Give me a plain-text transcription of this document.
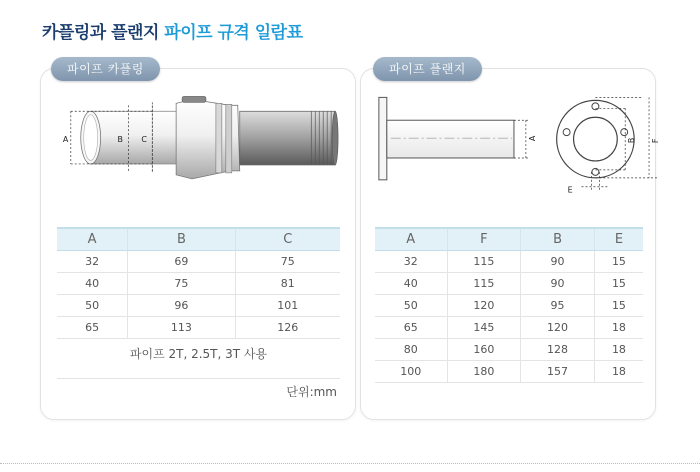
카플링과 플랜지 파이프 규격 일람표
파이프 카플링
A	B C
A	B	C
32	69	75
40	75	81
50	96	101
65	113	126
파이프 2T, 2.5T, 3T 사용
단위:mm
파이프 플랜지
A	B F
E
A	F	B	E
32	115	90	15
40	115	90	15
50	120	95	15
65	145	120	18
80	160	128	18
100	180	157	18
